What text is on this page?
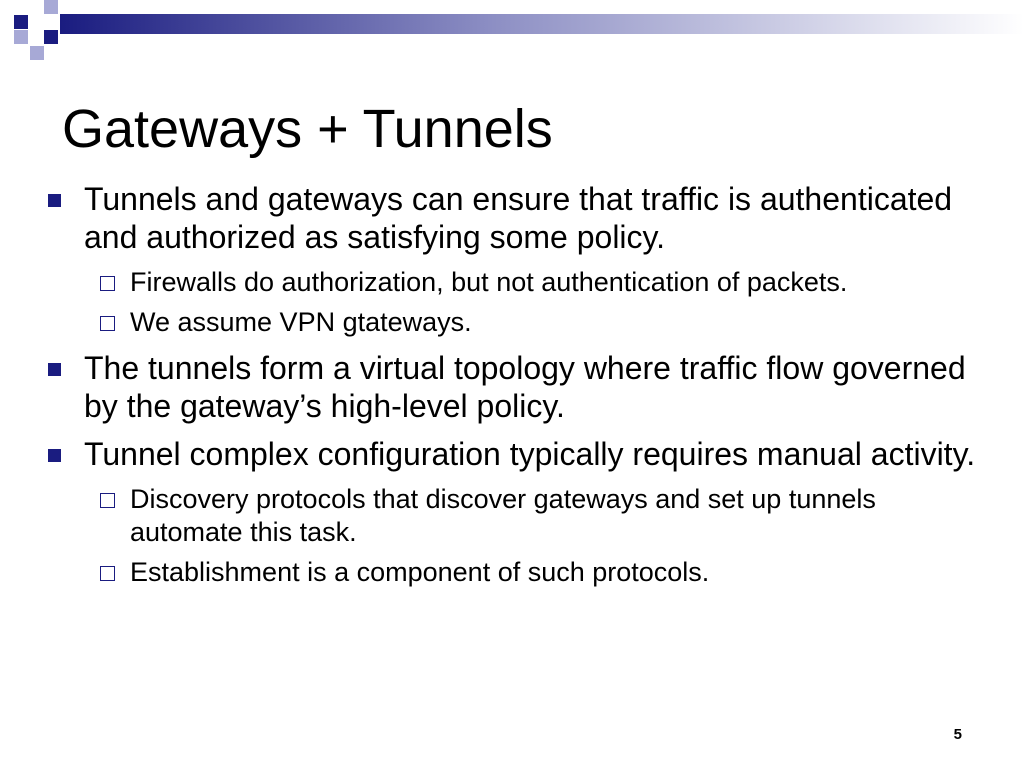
Gateways + Tunnels
Tunnels and gateways can ensure that traffic is authenticated and authorized as satisfying some policy.
Firewalls do authorization, but not authentication of packets.
We assume VPN gtateways.
The tunnels form a virtual topology where traffic flow governed by the gateway’s high-level policy.
Tunnel complex configuration typically requires manual activity.
Discovery protocols that discover gateways and set up tunnels automate this task.
Establishment is a component of such protocols.
5
